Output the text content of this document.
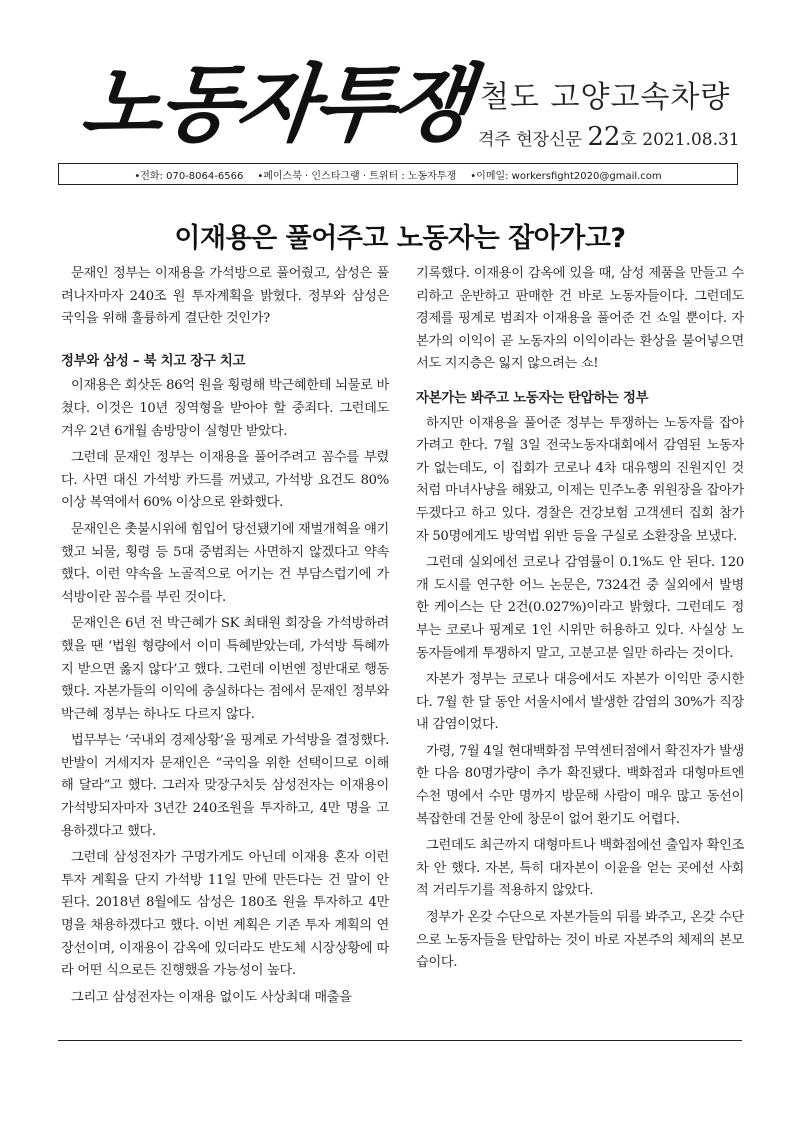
노동자투쟁 철도 고양고속차량
격주 현장신문 22호 2021.08.31
• 전화: 070-8064-6566	• 페이스북 · 인스타그램 · 트위터 : 노동자투쟁	• 이메일: workersfight2020@gmail.com
이재용은 풀어주고 노동자는 잡아가고?

문재인 정부는 이재용을 가석방으로 풀어줬고, 삼성은 풀려나자마자 240조 원 투자계획을 밝혔다. 정부와 삼성은 국익을 위해 훌륭하게 결단한 것인가?

정부와 삼성 – 북 치고 장구 치고

이재용은 회삿돈 86억 원을 횡령해 박근혜한테 뇌물로 바쳤다. 이것은 10년 징역형을 받아야 할 중죄다. 그런데도 겨우 2년 6개월 솜방망이 실형만 받았다.

그런데 문재인 정부는 이재용을 풀어주려고 꼼수를 부렸다. 사면 대신 가석방 카드를 꺼냈고, 가석방 요건도 80% 이상 복역에서 60% 이상으로 완화했다.

문재인은 촛불시위에 힘입어 당선됐기에 재벌개혁을 얘기했고 뇌물, 횡령 등 5대 중범죄는 사면하지 않겠다고 약속했다. 이런 약속을 노골적으로 어기는 건 부담스럽기에 가석방이란 꼼수를 부린 것이다.

문재인은 6년 전 박근혜가 SK 최태원 회장을 가석방하려 했을 땐 ‘법원 형량에서 이미 특혜받았는데, 가석방 특혜까지 받으면 옳지 않다’고 했다. 그런데 이번엔 정반대로 행동했다. 자본가들의 이익에 충실하다는 점에서 문재인 정부와 박근혜 정부는 하나도 다르지 않다.

법무부는 ‘국내외 경제상황’을 핑계로 가석방을 결정했다. 반발이 거세지자 문재인은 “국익을 위한 선택이므로 이해해 달라”고 했다. 그러자 맞장구치듯 삼성전자는 이재용이 가석방되자마자 3년간 240조원을 투자하고, 4만 명을 고용하겠다고 했다.

그런데 삼성전자가 구멍가게도 아닌데 이재용 혼자 이런 투자 계획을 단지 가석방 11일 만에 만든다는 건 말이 안 된다. 2018년 8월에도 삼성은 180조 원을 투자하고 4만 명을 채용하겠다고 했다. 이번 계획은 기존 투자 계획의 연장선이며, 이재용이 감옥에 있더라도 반도체 시장상황에 따라 어떤 식으로든 진행했을 가능성이 높다.

그리고 삼성전자는 이재용 없이도 사상최대 매출을

기록했다. 이재용이 감옥에 있을 때, 삼성 제품을 만들고 수리하고 운반하고 판매한 건 바로 노동자들이다. 그런데도 경제를 핑계로 범죄자 이재용을 풀어준 건 쇼일 뿐이다. 자본가의 이익이 곧 노동자의 이익이라는 환상을 불어넣으면서도 지지층은 잃지 않으려는 쇼!

자본가는 봐주고 노동자는 탄압하는 정부

하지만 이재용을 풀어준 정부는 투쟁하는 노동자를 잡아가려고 한다. 7월 3일 전국노동자대회에서 감염된 노동자가 없는데도, 이 집회가 코로나 4차 대유행의 진원지인 것처럼 마녀사냥을 해왔고, 이제는 민주노총 위원장을 잡아가두겠다고 하고 있다. 경찰은 건강보험 고객센터 집회 참가자 50명에게도 방역법 위반 등을 구실로 소환장을 보냈다.

그런데 실외에선 코로나 감염률이 0.1%도 안 된다. 120개 도시를 연구한 어느 논문은, 7324건 중 실외에서 발병한 케이스는 단 2건(0.027%)이라고 밝혔다. 그런데도 정부는 코로나 핑계로 1인 시위만 허용하고 있다. 사실상 노동자들에게 투쟁하지 말고, 고분고분 일만 하라는 것이다.

자본가 정부는 코로나 대응에서도 자본가 이익만 중시한다. 7월 한 달 동안 서울시에서 발생한 감염의 30%가 직장 내 감염이었다.

가령, 7월 4일 현대백화점 무역센터점에서 확진자가 발생한 다음 80명가량이 추가 확진됐다. 백화점과 대형마트엔 수천 명에서 수만 명까지 방문해 사람이 매우 많고 동선이 복잡한데 건물 안에 창문이 없어 환기도 어렵다.

그런데도 최근까지 대형마트나 백화점에선 출입자 확인조차 안 했다. 자본, 특히 대자본이 이윤을 얻는 곳에선 사회적 거리두기를 적용하지 않았다.

정부가 온갖 수단으로 자본가들의 뒤를 봐주고, 온갖 수단으로 노동자들을 탄압하는 것이 바로 자본주의 체제의 본모습이다.
